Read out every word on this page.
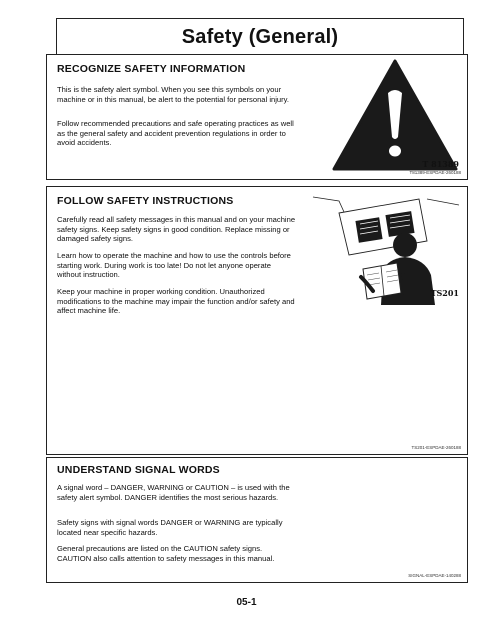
Safety (General)
RECOGNIZE SAFETY INFORMATION

This is the safety alert symbol. When you see this symbols on your machine or in this manual, be alert to the potential for personal injury.

Follow recommended precautions and safe operating practices as well as the general safety and accident prevention regulations in order to avoid accidents.

T 81389
T81389-ESPDAE-260188
FOLLOW SAFETY INSTRUCTIONS

Carefully read all safety messages in this manual and on your machine safety signs. Keep safety signs in good condition. Replace missing or damaged safety signs.

Learn how to operate the machine and how to use the controls before starting work. During work is too late! Do not let anyone operate without instruction.

Keep your machine in proper working condition. Unauthorized modifications to the machine may impair the function and/or safety and affect machine life.

TS201
TS201-ESPDAE-260188
UNDERSTAND SIGNAL WORDS

A signal word – DANGER, WARNING or CAUTION – is used with the safety alert symbol. DANGER identifies the most serious hazards.

Safety signs with signal words DANGER or WARNING are typically located near specific hazards.

General precautions are listed on the CAUTION safety signs. CAUTION also calls attention to safety messages in this manual.

SIGNAL-ESPDAE-140288
05-1
